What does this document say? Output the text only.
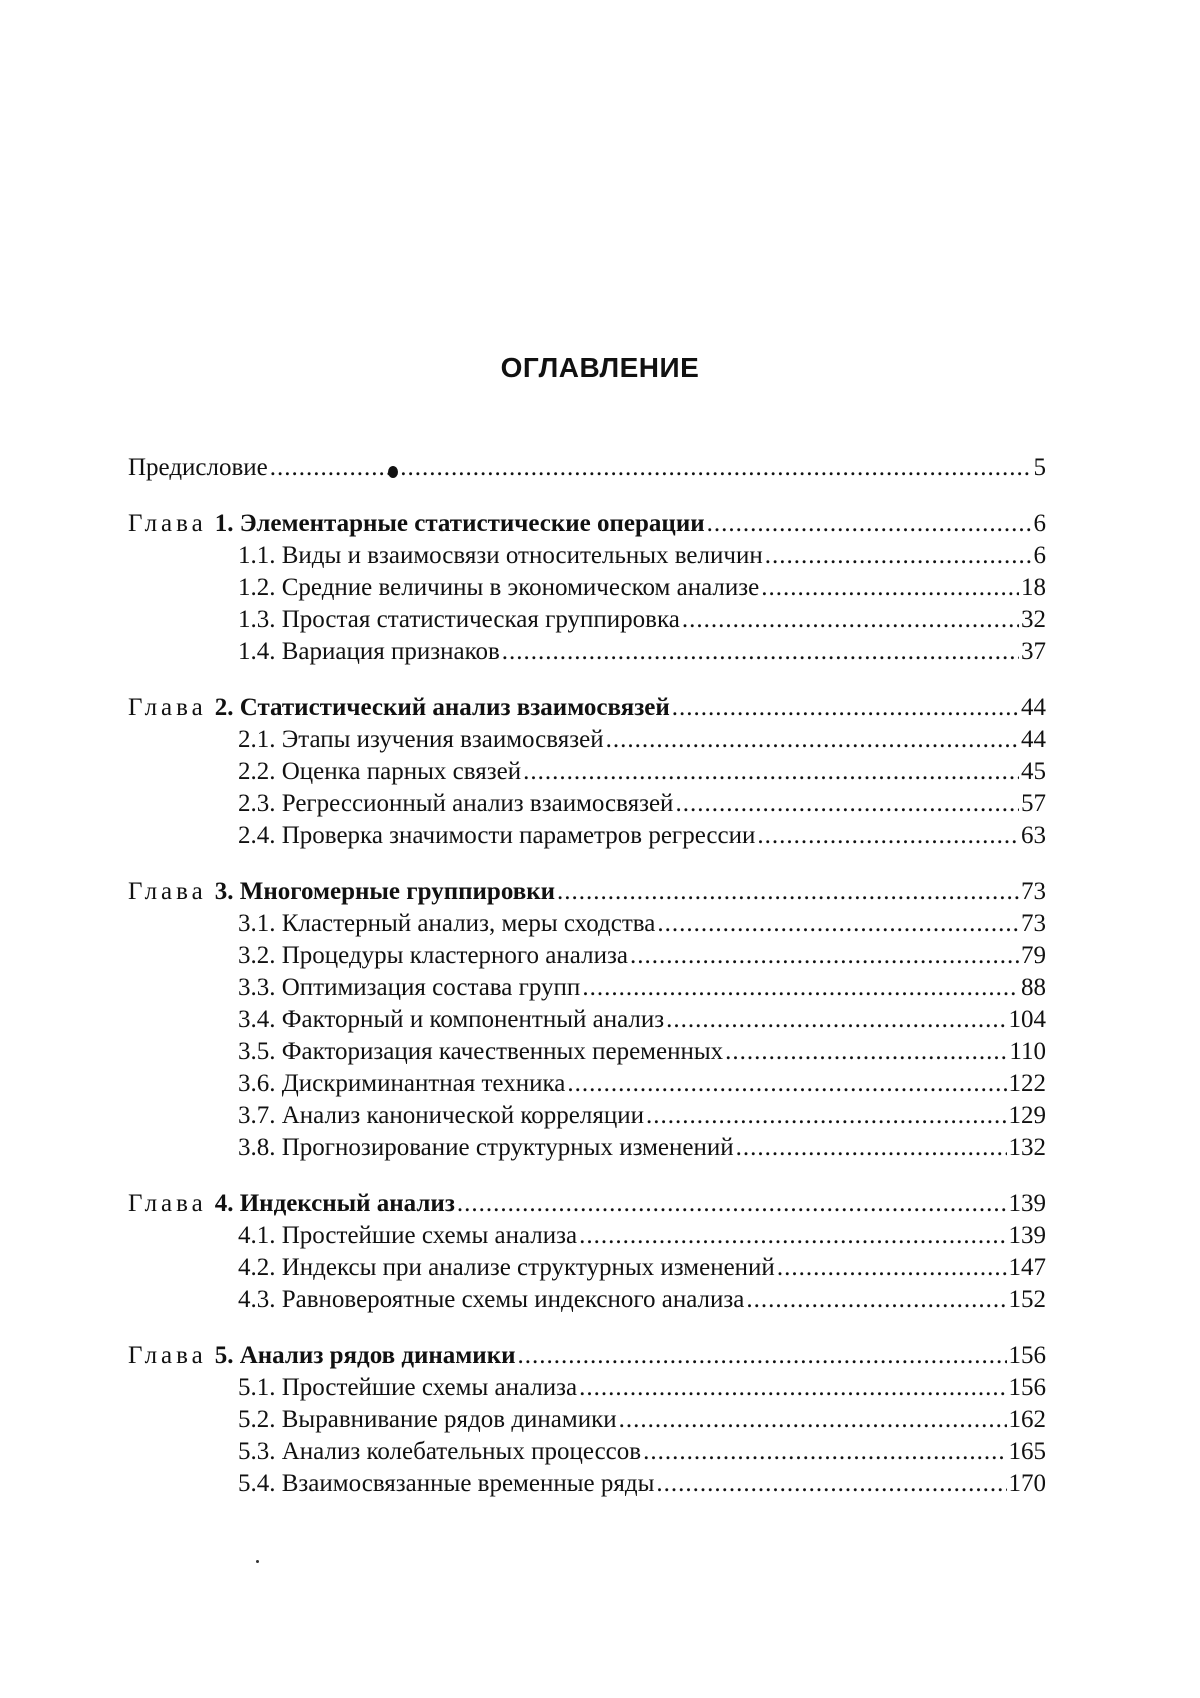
ОГЛАВЛЕНИЕ
Предисловие .....	5
Глава 1. Элементарные статистические операции .....	6
1.1. Виды и взаимосвязи относительных величин .....	6
1.2. Средние величины в экономическом анализе .....	18
1.3. Простая статистическая группировка .....	32
1.4. Вариация признаков .....	37
Глава 2. Статистический анализ взаимосвязей .....	44
2.1. Этапы изучения взаимосвязей .....	44
2.2. Оценка парных связей .....	45
2.3. Регрессионный анализ взаимосвязей .....	57
2.4. Проверка значимости параметров регрессии .....	63
Глава 3. Многомерные группировки .....	73
3.1. Кластерный анализ, меры сходства .....	73
3.2. Процедуры кластерного анализа .....	79
3.3. Оптимизация состава групп .....	88
3.4. Факторный и компонентный анализ .....	104
3.5. Факторизация качественных переменных .....	110
3.6. Дискриминантная техника .....	122
3.7. Анализ канонической корреляции .....	129
3.8. Прогнозирование структурных изменений .....	132
Глава 4. Индексный анализ .....	139
4.1. Простейшие схемы анализа .....	139
4.2. Индексы при анализе структурных изменений .....	147
4.3. Равновероятные схемы индексного анализа .....	152
Глава 5. Анализ рядов динамики .....	156
5.1. Простейшие схемы анализа .....	156
5.2. Выравнивание рядов динамики .....	162
5.3. Анализ колебательных процессов .....	165
5.4. Взаимосвязанные временные ряды .....	170
